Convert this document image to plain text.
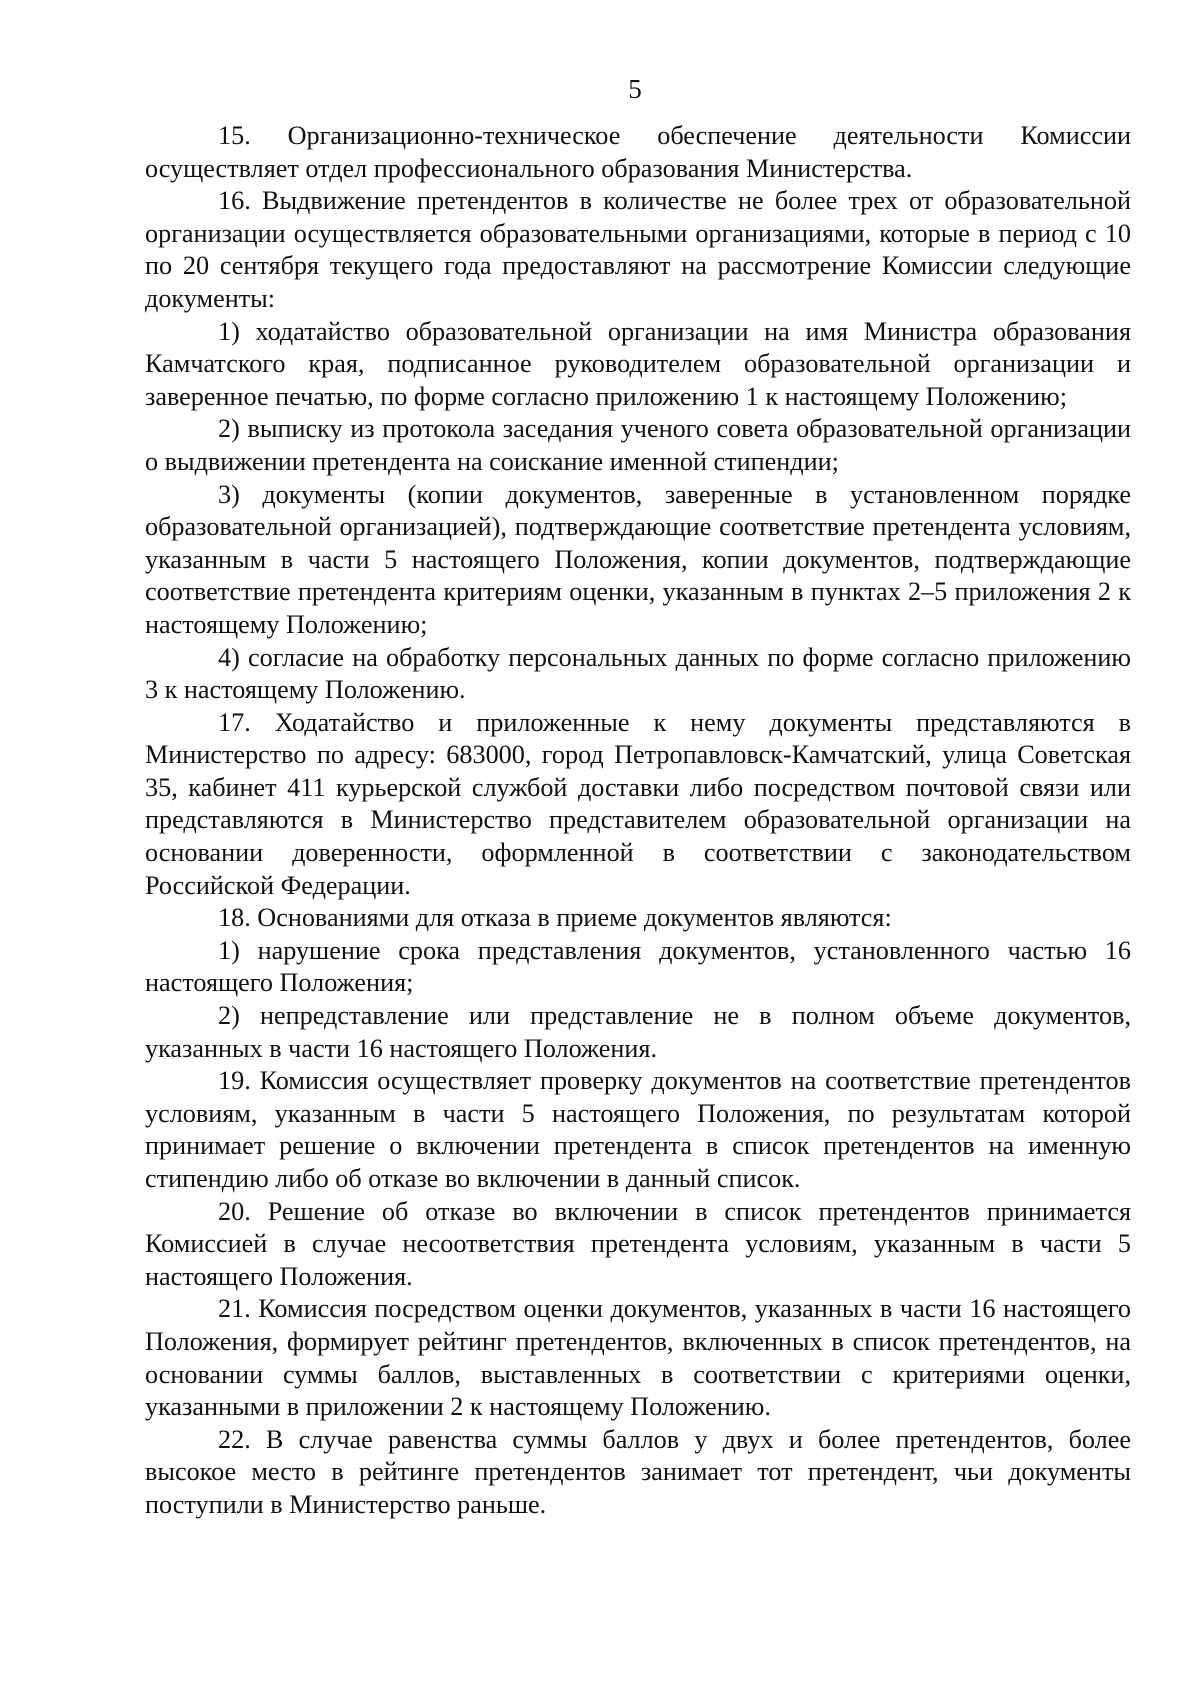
5

15. Организационно-техническое обеспечение деятельности Комиссии осуществляет отдел профессионального образования Министерства.

16. Выдвижение претендентов в количестве не более трех от образовательной организации осуществляется образовательными организациями, которые в период с 10 по 20 сентября текущего года предоставляют на рассмотрение Комиссии следующие документы:

1) ходатайство образовательной организации на имя Министра образования Камчатского края, подписанное руководителем образовательной организации и заверенное печатью, по форме согласно приложению 1 к настоящему Положению;

2) выписку из протокола заседания ученого совета образовательной организации о выдвижении претендента на соискание именной стипендии;

3) документы (копии документов, заверенные в установленном порядке образовательной организацией), подтверждающие соответствие претендента условиям, указанным в части 5 настоящего Положения, копии документов, подтверждающие соответствие претендента критериям оценки, указанным в пунктах 2–5 приложения 2 к настоящему Положению;

4) согласие на обработку персональных данных по форме согласно приложению 3 к настоящему Положению.

17. Ходатайство и приложенные к нему документы представляются в Министерство по адресу: 683000, город Петропавловск-Камчатский, улица Советская 35, кабинет 411 курьерской службой доставки либо посредством почтовой связи или представляются в Министерство представителем образовательной организации на основании доверенности, оформленной в соответствии с законодательством Российской Федерации.

18. Основаниями для отказа в приеме документов являются:

1) нарушение срока представления документов, установленного частью 16 настоящего Положения;

2) непредставление или представление не в полном объеме документов, указанных в части 16 настоящего Положения.

19. Комиссия осуществляет проверку документов на соответствие претендентов условиям, указанным в части 5 настоящего Положения, по результатам которой принимает решение о включении претендента в список претендентов на именную стипендию либо об отказе во включении в данный список.

20. Решение об отказе во включении в список претендентов принимается Комиссией в случае несоответствия претендента условиям, указанным в части 5 настоящего Положения.

21. Комиссия посредством оценки документов, указанных в части 16 настоящего Положения, формирует рейтинг претендентов, включенных в список претендентов, на основании суммы баллов, выставленных в соответствии с критериями оценки, указанными в приложении 2 к настоящему Положению.

22. В случае равенства суммы баллов у двух и более претендентов, более высокое место в рейтинге претендентов занимает тот претендент, чьи документы поступили в Министерство раньше.
